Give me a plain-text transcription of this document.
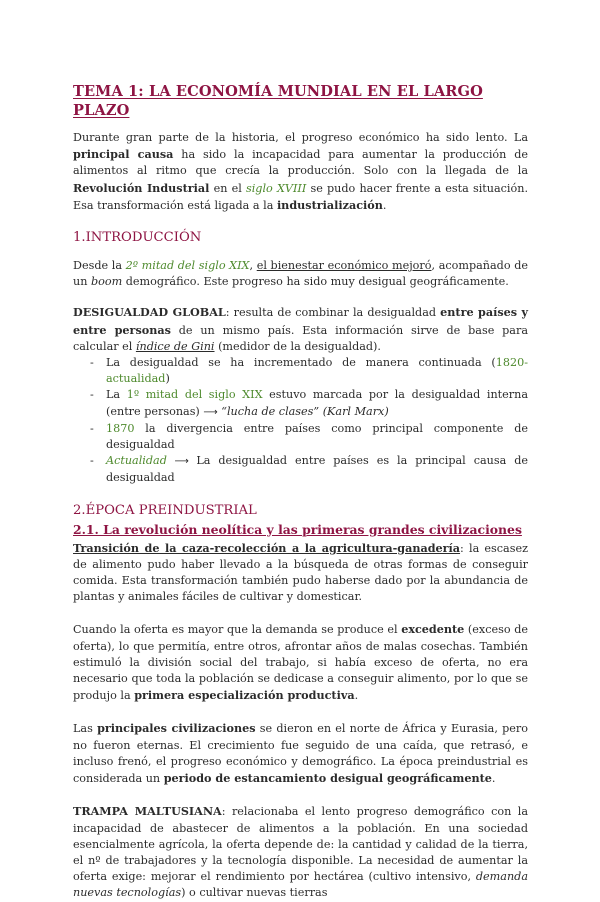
TEMA 1: LA ECONOMÍA MUNDIAL EN EL LARGO PLAZO

Durante gran parte de la historia, el progreso económico ha sido lento. La principal causa ha sido la incapacidad para aumentar la producción de alimentos al ritmo que crecía la producción. Solo con la llegada de la Revolución Industrial en el siglo XVIII se pudo hacer frente a esta situación. Esa transformación está ligada a la industrialización.

1.INTRODUCCIÓN

Desde la 2º mitad del siglo XIX, el bienestar económico mejoró, acompañado de un boom demográfico. Este progreso ha sido muy desigual geográficamente.

DESIGUALDAD GLOBAL: resulta de combinar la desigualdad entre países y entre personas de un mismo país. Esta información sirve de base para calcular el índice de Gini (medidor de la desigualdad).

- La desigualdad se ha incrementado de manera continuada (1820-actualidad)
- La 1º mitad del siglo XIX estuvo marcada por la desigualdad interna (entre personas) ⟶ “lucha de clases” (Karl Marx)
- 1870 la divergencia entre países como principal componente de desigualdad
- Actualidad ⟶ La desigualdad entre países es la principal causa de desigualdad
2.ÉPOCA PREINDUSTRIAL
2.1. La revolución neolítica y las primeras grandes civilizaciones

Transición de la caza-recolección a la agricultura-ganadería: la escasez de alimento pudo haber llevado a la búsqueda de otras formas de conseguir comida. Esta transformación también pudo haberse dado por la abundancia de plantas y animales fáciles de cultivar y domesticar.

Cuando la oferta es mayor que la demanda se produce el excedente (exceso de oferta), lo que permitía, entre otros, afrontar años de malas cosechas. También estimuló la división social del trabajo, si había exceso de oferta, no era necesario que toda la población se dedicase a conseguir alimento, por lo que se produjo la primera especialización productiva.

Las principales civilizaciones se dieron en el norte de África y Eurasia, pero no fueron eternas. El crecimiento fue seguido de una caída, que retrasó, e incluso frenó, el progreso económico y demográfico. La época preindustrial es considerada un periodo de estancamiento desigual geográficamente.

TRAMPA MALTUSIANA: relacionaba el lento progreso demográfico con la incapacidad de abastecer de alimentos a la población. En una sociedad esencialmente agrícola, la oferta depende de: la cantidad y calidad de la tierra, el nº de trabajadores y la tecnología disponible. La necesidad de aumentar la oferta exige: mejorar el rendimiento por hectárea (cultivo intensivo, demanda nuevas tecnologías) o cultivar nuevas tierras
